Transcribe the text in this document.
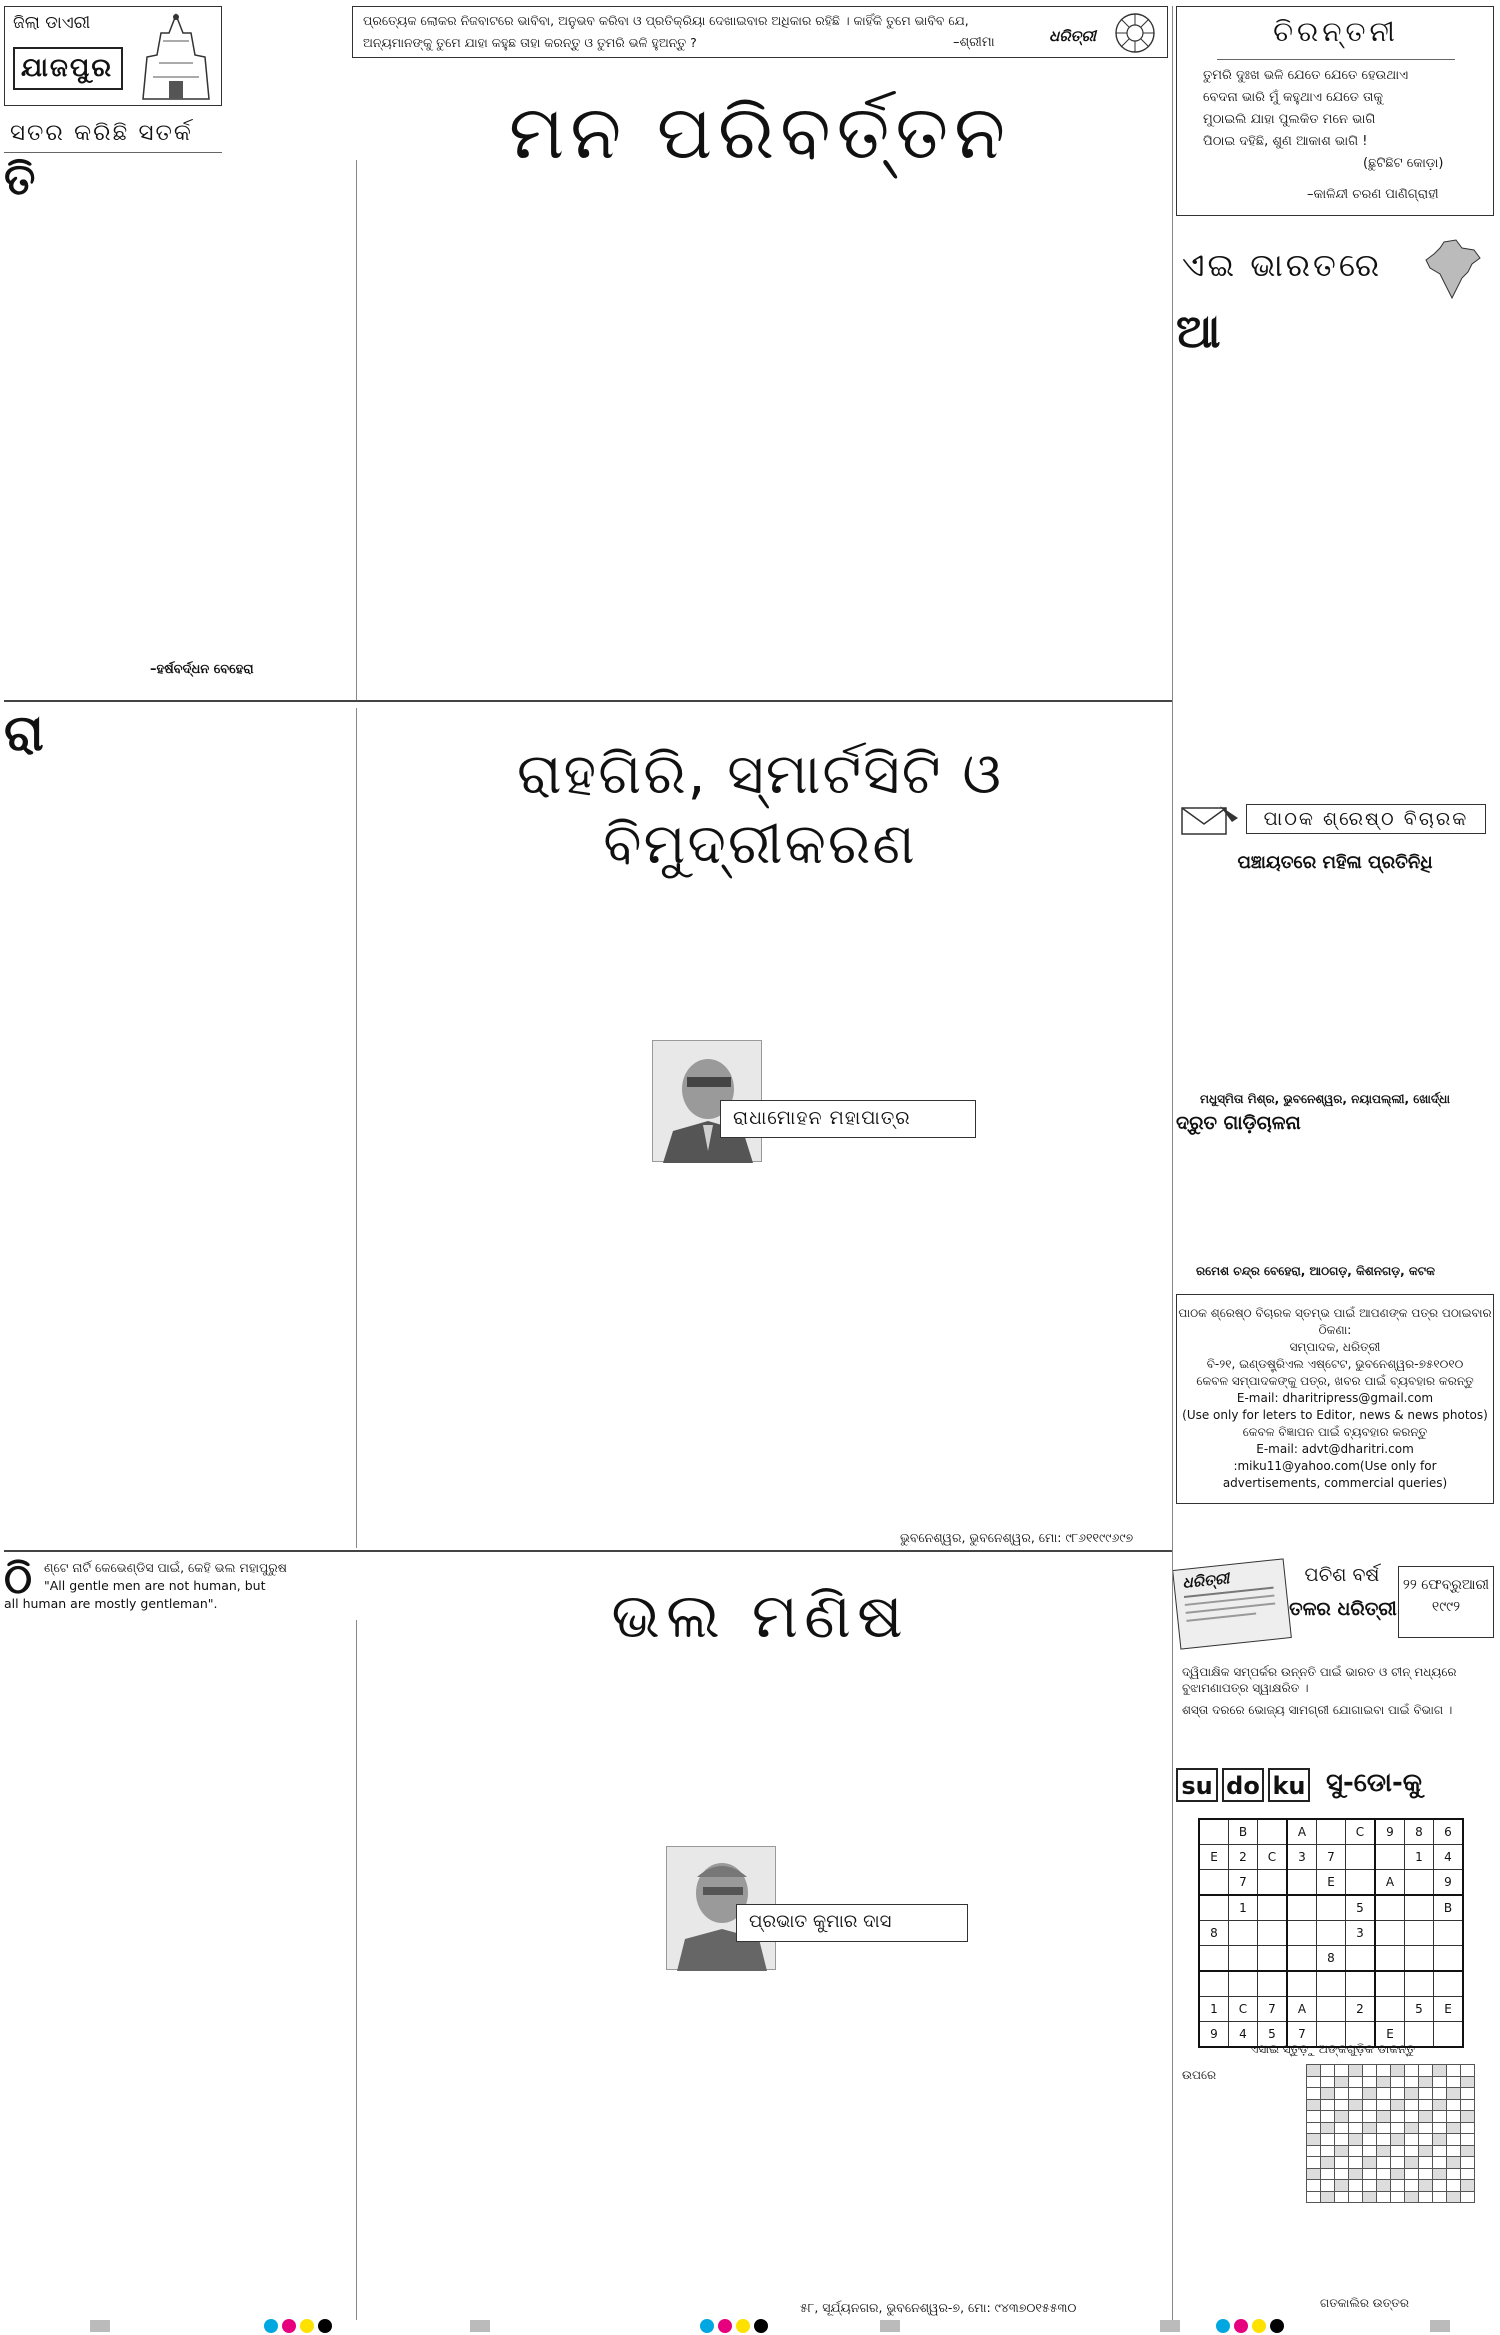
ଜିଲା ଡାଏରୀ
ଯାଜପୁର
ସତର କରିଛି ସତର୍କ
ତି
–ହର୍ଷବର୍ଦ୍ଧନ ବେହେରା
ପ୍ରତ୍ୟେକ ଲୋକର ନିଜବାଟରେ ଭାବିବା, ଅନୁଭବ କରିବା ଓ ପ୍ରତିକ୍ରିୟା ଦେଖାଇବାର ଅଧିକାର ରହିଛି । କାହିଁକି ତୁମେ ଭାବିବ ଯେ,
ଅନ୍ୟମାନଙ୍କୁ ତୁମେ ଯାହା କହୁଛ ତାହା କରନ୍ତୁ ଓ ତୁମରି ଭଳି ହୁଅନ୍ତୁ ?	–ଶ୍ରୀମା	ଧରିତ୍ରୀ
ମନ ପରିବର୍ତ୍ତନ
ଚିରନ୍ତନୀ
ତୁମରି ଦୁଃଖ ଭଳି ଯେତେ ଯେତେ ହେଉଥାଏ
ବେଦନା ଭାରି ମୁଁ କହୁଥାଏ ଯେତେ ତାକୁ
ମୁଠାଇଲି ଯାହା ପୁଲକିତ ମନେ ଭାଗି
ପିଠାଇ ଦହିଛି, ଶୁଣ ଆକାଶ ଭାଗି !
(ଛୁଟିଛିଟ କୋଡ଼ା)
–କାଳିନ୍ଦୀ ଚରଣ ପାଣିଗ୍ରାହୀ
ଏଇ ଭାରତରେ
ଆ
ରା
ରାହଗିରି, ସ୍ମାର୍ଟସିଟି ଓ ବିମୁଦ୍ରୀକରଣ
ରାଧାମୋହନ ମହାପାତ୍ର
ଭୁବନେଶ୍ୱର, ଭୁବନେଶ୍ୱର, ମୋ: ୯୮୬୧୧୯୯୬୯୭
ପାଠକ ଶ୍ରେଷ୍ଠ ବିଚାରକ
ପଞ୍ଚାୟତରେ ମହିଳା ପ୍ରତିନିଧି
ମଧୁସ୍ମିତା ମିଶ୍ର, ଭୁବନେଶ୍ୱର, ନୟାପଲ୍ଲୀ, ଖୋର୍ଦ୍ଧା
ଦ୍ରୁତ ଗାଡ଼ିଚାଳନା
ରମେଶ ଚନ୍ଦ୍ର ବେହେରା, ଆଠଗଡ଼, କିଶନଗଡ଼, କଟକ
ପାଠକ ଶ୍ରେଷ୍ଠ ବିଚାରକ ସ୍ତମ୍ଭ ପାଇଁ ଆପଣଙ୍କ ପତ୍ର ପଠାଇବାର ଠିକଣା:
ସମ୍ପାଦକ, ଧରିତ୍ରୀ
ବି-୨୧, ଇଣ୍ଡଷ୍ଟ୍ରିଏଲ ଏଷ୍ଟେଟ, ଭୁବନେଶ୍ୱର-୭୫୧୦୧୦
କେବଳ ସମ୍ପାଦକଙ୍କୁ ପତ୍ର, ଖବର ପାଇଁ ବ୍ୟବହାର କରନ୍ତୁ
E-mail: dharitripress@gmail.com
(Use only for leters to Editor, news & news photos)
କେବଳ ବିଜ୍ଞାପନ ପାଇଁ ବ୍ୟବହାର କରନ୍ତୁ
E-mail: advt@dharitri.com
:miku11@yahoo.com(Use only for
advertisements, commercial queries)
ଧରିତ୍ରୀ	ପଚିଶ ବର୍ଷ
ତଳର ଧରିତ୍ରୀ
୨୨ ଫେବ୍ରୁଆରୀ
୧୯୯୨
ଦ୍ୱିପାକ୍ଷିକ ସମ୍ପର୍କର ଉନ୍ନତି ପାଇଁ ଭାରତ ଓ ଚୀନ୍ ମଧ୍ୟରେ ବୁଝାମଣାପତ୍ର ସ୍ୱାକ୍ଷରିତ ।
ଶସ୍ତା ଦରରେ ଭୋଜ୍ୟ ସାମଗ୍ରୀ ଯୋଗାଇବା ପାଇଁ ବିଭାଗ ।
su do ku ସୁ-ଡୋ-କୁ
	B		A		C	9	8	6
E	2	C	3	7			1	4
	7			E		A		9
	1				5			B
8					3			
				8				

1	C	7	A		2		5	E
9	4	5	7			E		
ଏସାଇ ସ୍ତୁଡ଼ୁ ଅଙ୍କଗୁଡ଼ିକ ଡାକନ୍ତୁ
ଉପରେ

ଗତକାଲିର ଉତ୍ତର
ଠି ଣ୍ଟେ ନାର୍ଟି କେଭେଣ୍ଡିସ ପାଇଁ, କେହି ଭଲ ମହାପୁରୁଷ
"All gentle men are not human, but
all human are mostly gentleman".	ଭଲ ମଣିଷ
ପ୍ରଭାତ କୁମାର ଦାସ
୫୮, ସୂର୍ଯ୍ୟନଗର, ଭୁବନେଶ୍ୱର-୭, ମୋ: ୯୪୩୭୦୧୫୫୩୦
